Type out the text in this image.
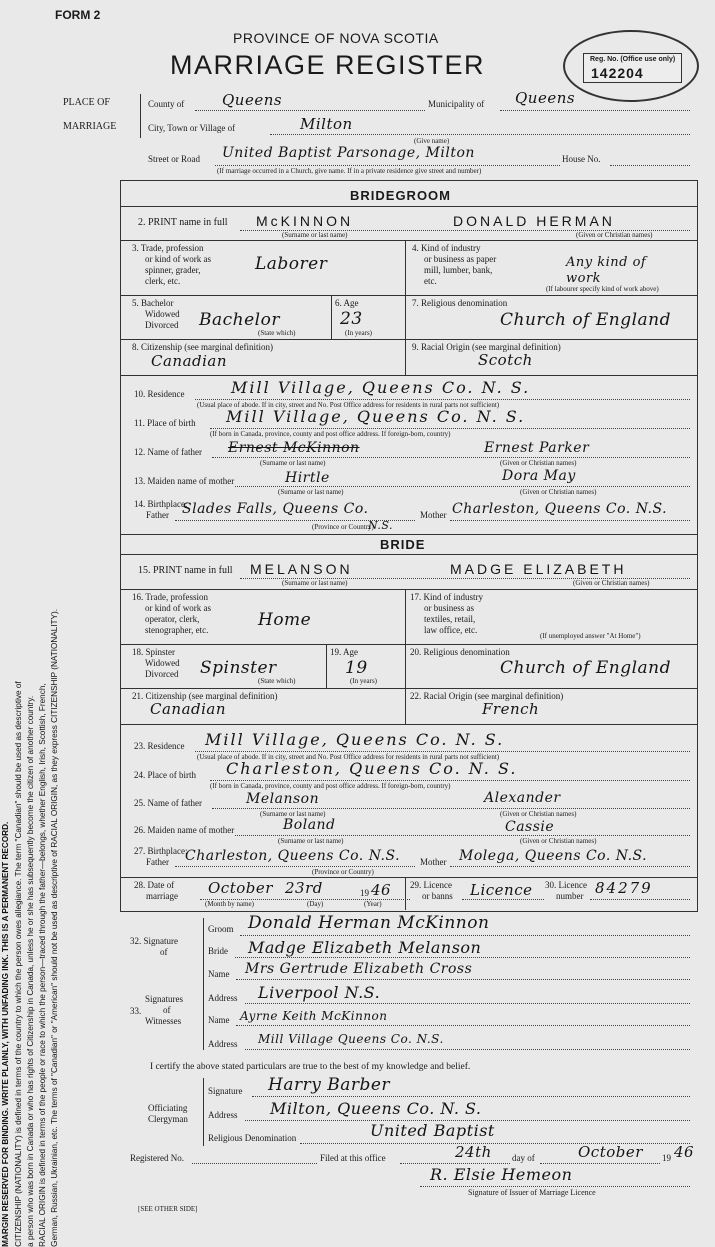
FORM 2
PROVINCE OF NOVA SCOTIA
MARRIAGE REGISTER	Reg. No. (Office use only)
142204
PLACE OF
MARRIAGE
County of	Queens	Municipality of Queens
City, Town or Village of	Milton
(Give name)
Street or Road United Baptist Parsonage, Milton	House No.
(If marriage occurred in a Church, give name. If in a private residence give street and number)
BRIDEGROOM
2. PRINT name in full McKINNON	DONALD HERMAN
(Surname or last name)	(Given or Christian names)
3. Trade, profession
or kind of work as
spinner, grader,
clerk, etc.
Laborer
4. Kind of industry
or business as paper
mill, lumber, bank,
etc.
Any kind of work
(If labourer specify kind of work above)
5. Bachelor
Widowed
Divorced Bachelor
(State which)
6. Age
23
(In years)
7. Religious denomination
Church of England
8. Citizenship (see marginal definition)
Canadian
9. Racial Origin (see marginal definition)
Scotch
10. Residence	Mill Village, Queens Co. N. S.
(Usual place of abode. If in city, street and No. Post Office address for residents in rural parts not sufficient)
11. Place of birth Mill Village, Queens Co. N. S.
(If born in Canada, province, county and post office address. If foreign-born, country)
12. Name of father Ernest McKinnon	Ernest Parker
(Surname or last name)	(Given or Christian names)
13. Maiden name of mother	Hirtle	Dora May
(Surname or last name)	(Given or Christian names)
14. Birthplace:
Father Slades Falls, Queens Co.
N.S.
Mother Charleston, Queens Co. N.S.
(Province or Country)
BRIDE
15. PRINT name in full MELANSON	MADGE ELIZABETH
(Surname or last name)	(Given or Christian names)
16. Trade, profession
or kind of work as
operator, clerk,
stenographer, etc.	Home
17. Kind of industry
or business as
textiles, retail,
law office, etc.
(If unemployed answer "At Home")
18. Spinster
Widowed
Divorced Spinster
(State which)
19. Age
19
(In years)
20. Religious denomination
Church of England
21. Citizenship (see marginal definition)
Canadian
22. Racial Origin (see marginal definition)
French
23. Residence Mill Village, Queens Co. N. S.
(Usual place of abode. If in city, street and No. Post Office address for residents in rural parts not sufficient)
24. Place of birth Charleston, Queens Co. N. S.
(If born in Canada, province, county and post office address. If foreign-born, country)
25. Name of father	Melanson	Alexander
(Surname or last name)	(Given or Christian names)
26. Maiden name of mother	Boland	Cassie
(Surname or last name)	(Given or Christian names)
27. Birthplace:
Father Charleston, Queens Co. N.S. Mother Molega, Queens Co. N.S.
(Province or Country)
28. Date of
marriage October 23rd	19 46
(Month by name)	(Day)	(Year)
29. Licence
or banns Licence 30. Licence
number 84279
32. Signature
of
Groom Donald Herman McKinnon
Bride Madge Elizabeth Melanson
Signatures
of
Witnesses
33.
Name Mrs Gertrude Elizabeth Cross
Address Liverpool N.S.
Name Ayrne Keith McKinnon
Address Mill Village Queens Co. N.S.
I certify the above stated particulars are true to the best of my knowledge and belief.
Officiating
Clergyman
Signature Harry Barber
Address Milton, Queens Co. N. S.
Religious Denomination	United Baptist
Registered No.	Filed at this office	24th day of	October 19 46
R. Elsie Hemeon
Signature of Issuer of Marriage Licence
[SEE OTHER SIDE]

MARGIN RESERVED FOR BINDING. WRITE PLAINLY, WITH UNFADING INK. THIS IS A PERMANENT RECORD. CITIZENSHIP (NATIONALITY) is defined in terms of the country to which the person owes allegiance. The term "Canadian" should be used as descriptive of a person who was born in Canada or who has rights of Citizenship in Canada, unless he or she has subsequently become the citizen of another country. RACIAL ORIGIN is defined in terms of the people or race to which the person—traced through the father—belongs, whether English, Irish, Scottish, French, German, Russian, Ukrainian, etc. The terms of "Canadian" or "American" should not be used as descriptive of RACIAL ORIGIN, as they express CITIZENSHIP (NATIONALITY).
